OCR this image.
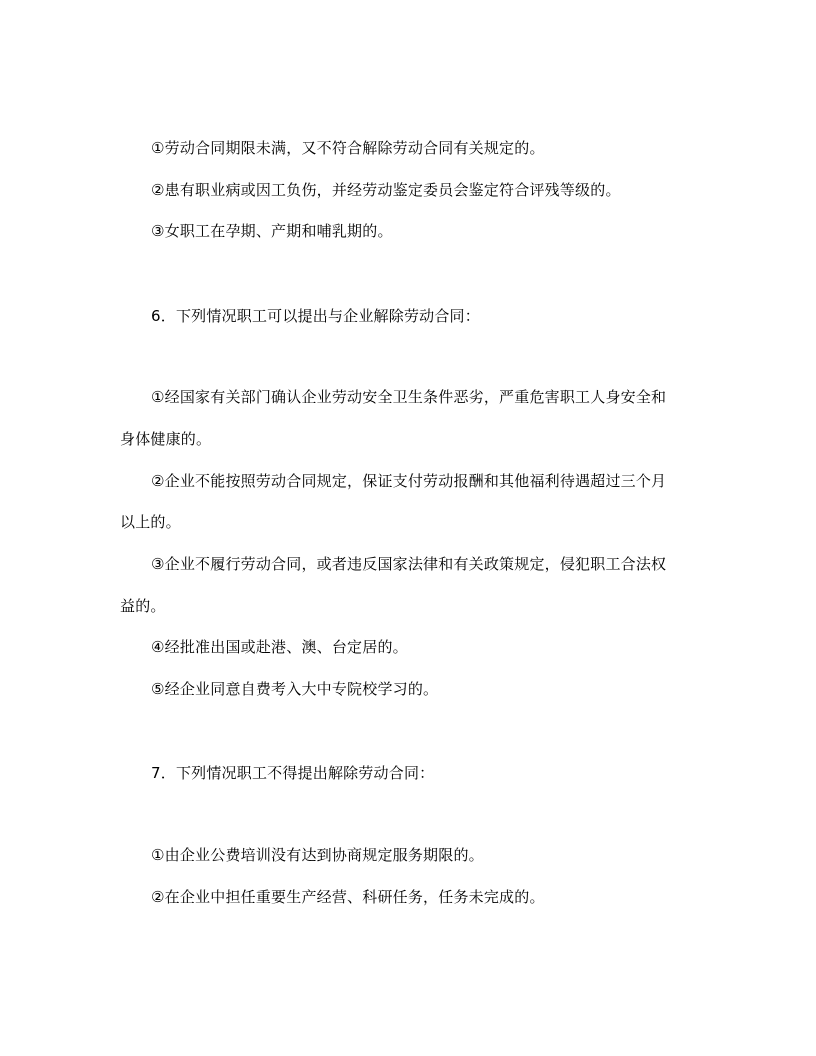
①劳动合同期限未满，又不符合解除劳动合同有关规定的。
②患有职业病或因工负伤，并经劳动鉴定委员会鉴定符合评残等级的。
③女职工在孕期、产期和哺乳期的。
6．下列情况职工可以提出与企业解除劳动合同：
①经国家有关部门确认企业劳动安全卫生条件恶劣，严重危害职工人身安全和
身体健康的。
②企业不能按照劳动合同规定，保证支付劳动报酬和其他福利待遇超过三个月
以上的。
③企业不履行劳动合同，或者违反国家法律和有关政策规定，侵犯职工合法权
益的。
④经批准出国或赴港、澳、台定居的。
⑤经企业同意自费考入大中专院校学习的。
7．下列情况职工不得提出解除劳动合同：
①由企业公费培训没有达到协商规定服务期限的。
②在企业中担任重要生产经营、科研任务，任务未完成的。
